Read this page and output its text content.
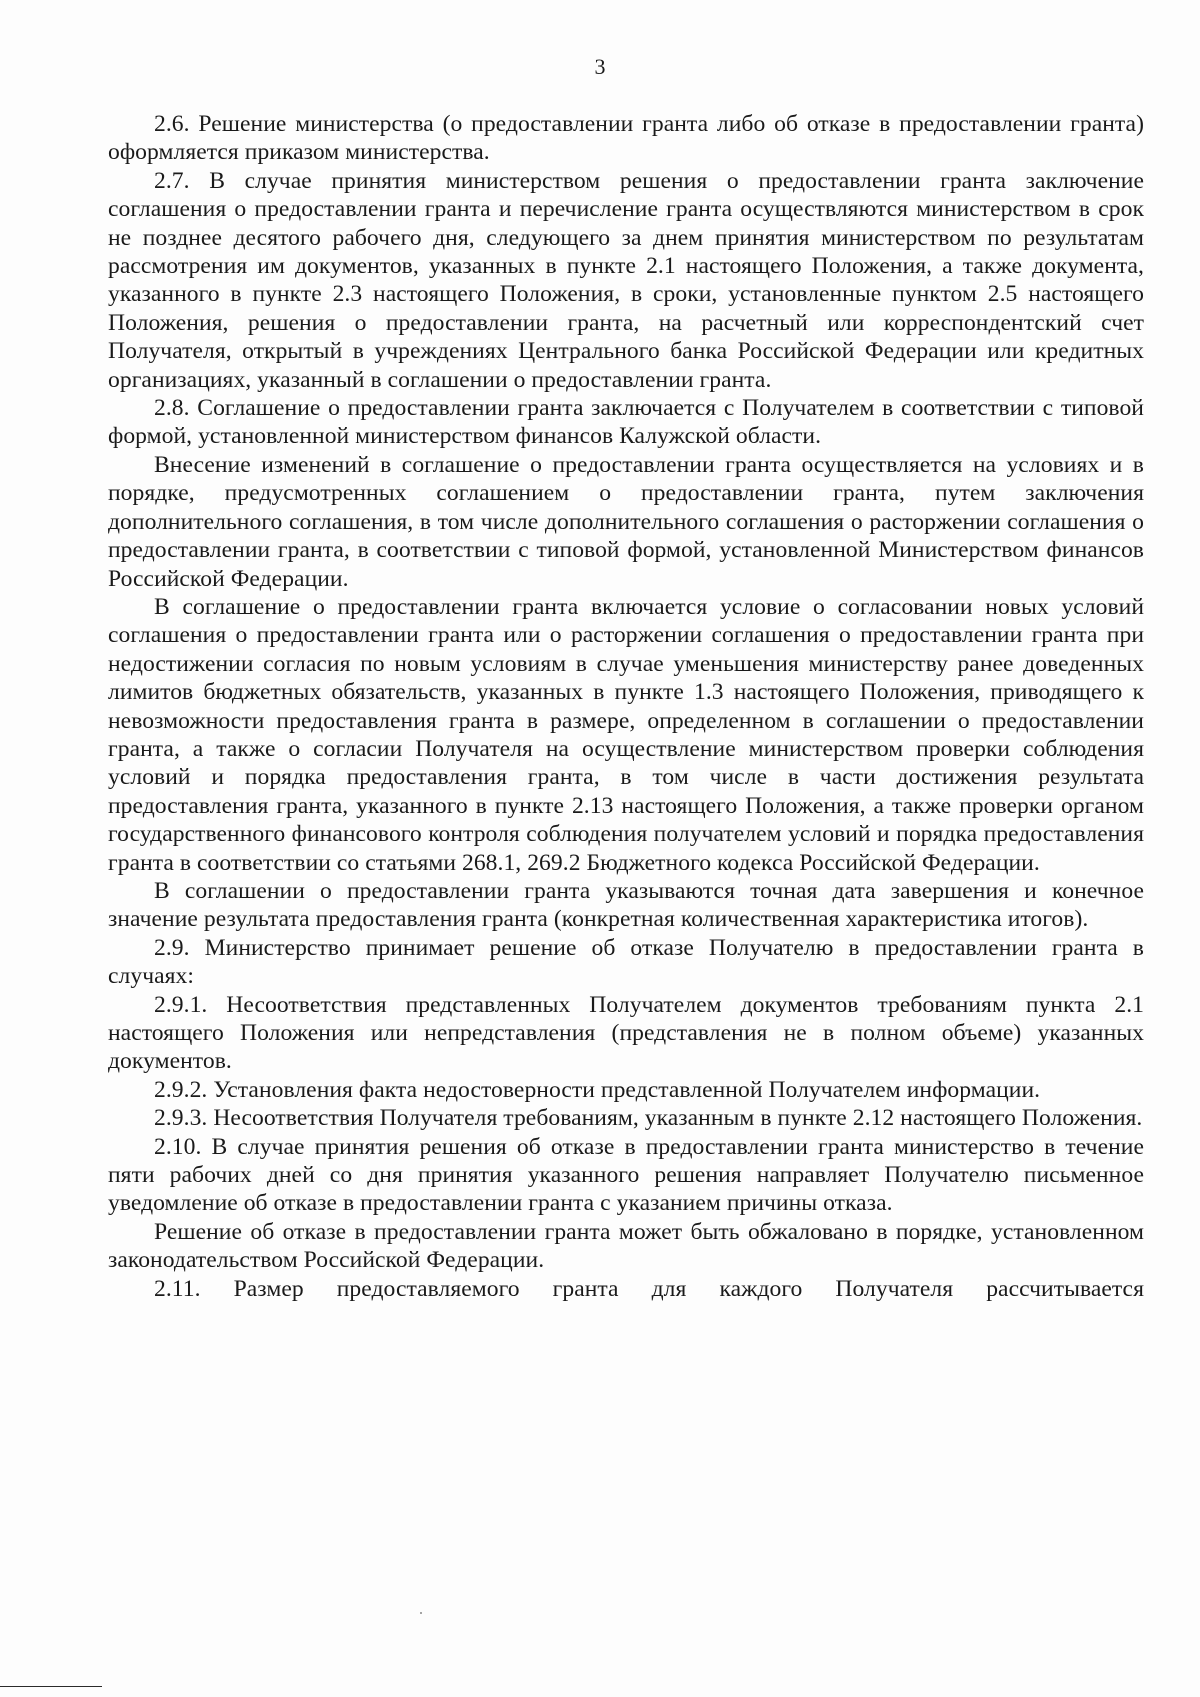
3

2.6. Решение министерства (о предоставлении гранта либо об отказе в предоставлении гранта) оформляется приказом министерства.

2.7. В случае принятия министерством решения о предоставлении гранта заключение соглашения о предоставлении гранта и перечисление гранта осуществляются министерством в срок не позднее десятого рабочего дня, следующего за днем принятия министерством по результатам рассмотрения им документов, указанных в пункте 2.1 настоящего Положения, а также документа, указанного в пункте 2.3 настоящего Положения, в сроки, установленные пунктом 2.5 настоящего Положения, решения о предоставлении гранта, на расчетный или корреспондентский счет Получателя, открытый в учреждениях Центрального банка Российской Федерации или кредитных организациях, указанный в соглашении о предоставлении гранта.

2.8. Соглашение о предоставлении гранта заключается с Получателем в соответствии с типовой формой, установленной министерством финансов Калужской области.

Внесение изменений в соглашение о предоставлении гранта осуществляется на условиях и в порядке, предусмотренных соглашением о предоставлении гранта, путем заключения дополнительного соглашения, в том числе дополнительного соглашения о расторжении соглашения о предоставлении гранта, в соответствии с типовой формой, установленной Министерством финансов Российской Федерации.

В соглашение о предоставлении гранта включается условие о согласовании новых условий соглашения о предоставлении гранта или о расторжении соглашения о предоставлении гранта при недостижении согласия по новым условиям в случае уменьшения министерству ранее доведенных лимитов бюджетных обязательств, указанных в пункте 1.3 настоящего Положения, приводящего к невозможности предоставления гранта в размере, определенном в соглашении о предоставлении гранта, а также о согласии Получателя на осуществление министерством проверки соблюдения условий и порядка предоставления гранта, в том числе в части достижения результата предоставления гранта, указанного в пункте 2.13 настоящего Положения, а также проверки органом государственного финансового контроля соблюдения получателем условий и порядка предоставления гранта в соответствии со статьями 268.1, 269.2 Бюджетного кодекса Российской Федерации.

В соглашении о предоставлении гранта указываются точная дата завершения и конечное значение результата предоставления гранта (конкретная количественная характеристика итогов).

2.9. Министерство принимает решение об отказе Получателю в предоставлении гранта в случаях:

2.9.1. Несоответствия представленных Получателем документов требованиям пункта 2.1 настоящего Положения или непредставления (представления не в полном объеме) указанных документов.

2.9.2. Установления факта недостоверности представленной Получателем информации.

2.9.3. Несоответствия Получателя требованиям, указанным в пункте 2.12 настоящего Положения.

2.10. В случае принятия решения об отказе в предоставлении гранта министерство в течение пяти рабочих дней со дня принятия указанного решения направляет Получателю письменное уведомление об отказе в предоставлении гранта с указанием причины отказа.

Решение об отказе в предоставлении гранта может быть обжаловано в порядке, установленном законодательством Российской Федерации.

2.11. Размер предоставляемого гранта для каждого Получателя рассчитывается
